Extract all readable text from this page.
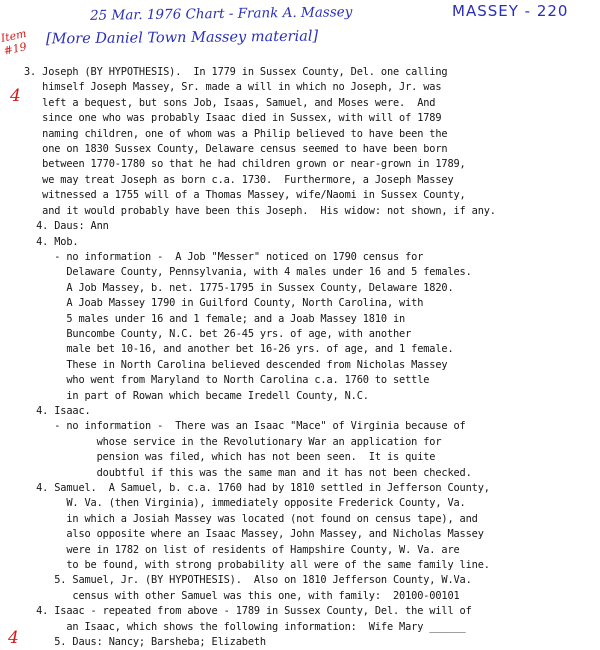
25 Mar. 1976 Chart - Frank A. Massey	MASSEY - 220
[More Daniel Town Massey material]
Item #19
4
4
3. Joseph (BY HYPOTHESIS).  In 1779 in Sussex County, Del. one calling
himself Joseph Massey, Sr. made a will in which no Joseph, Jr. was
left a bequest, but sons Job, Isaas, Samuel, and Moses were.  And
since one who was probably Isaac died in Sussex, with will of 1789
naming children, one of whom was a Philip believed to have been the
one on 1830 Sussex County, Delaware census seemed to have been born
between 1770-1780 so that he had children grown or near-grown in 1789,
we may treat Joseph as born c.a. 1730.  Furthermore, a Joseph Massey
witnessed a 1755 will of a Thomas Massey, wife/Naomi in Sussex County,
and it would probably have been this Joseph.  His widow: not shown, if any.
4. Daus: Ann
4. Mob.
- no information -  A Job "Messer" noticed on 1790 census for
Delaware County, Pennsylvania, with 4 males under 16 and 5 females.
A Job Massey, b. net. 1775-1795 in Sussex County, Delaware 1820.
A Joab Massey 1790 in Guilford County, North Carolina, with
5 males under 16 and 1 female; and a Joab Massey 1810 in
Buncombe County, N.C. bet 26-45 yrs. of age, with another
male bet 10-16, and another bet 16-26 yrs. of age, and 1 female.
These in North Carolina believed descended from Nicholas Massey
who went from Maryland to North Carolina c.a. 1760 to settle
in part of Rowan which became Iredell County, N.C.
4. Isaac.
- no information -  There was an Isaac "Mace" of Virginia because of
whose service in the Revolutionary War an application for
pension was filed, which has not been seen.  It is quite
doubtful if this was the same man and it has not been checked.
4. Samuel.  A Samuel, b. c.a. 1760 had by 1810 settled in Jefferson County,
W. Va. (then Virginia), immediately opposite Frederick County, Va.
in which a Josiah Massey was located (not found on census tape), and
also opposite where an Isaac Massey, John Massey, and Nicholas Massey
were in 1782 on list of residents of Hampshire County, W. Va. are
to be found, with strong probability all were of the same family line.
5. Samuel, Jr. (BY HYPOTHESIS).  Also on 1810 Jefferson County, W.Va.
census with other Samuel was this one, with family:  20100-00101
4. Isaac - repeated from above - 1789 in Sussex County, Del. the will of
an Isaac, which shows the following information:  Wife Mary ______
5. Daus: Nancy; Barsheba; Elizabeth
